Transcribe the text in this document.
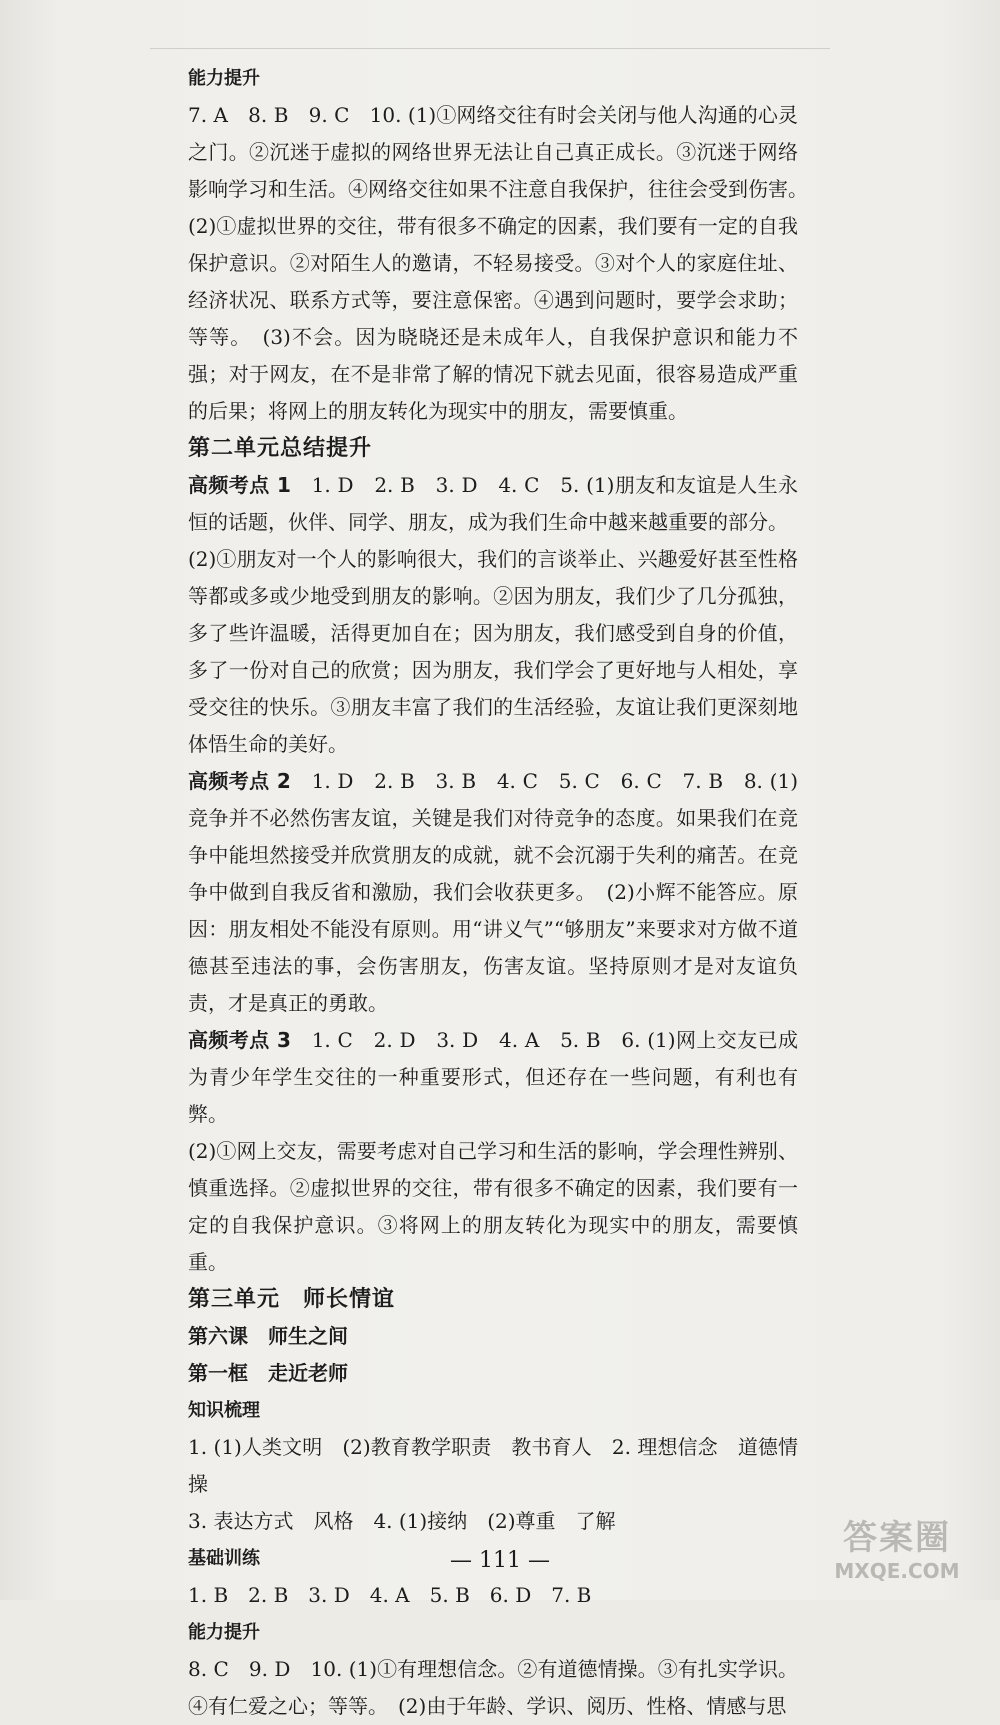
能力提升

7. A　8. B　9. C　10. (1)①网络交往有时会关闭与他人沟通的心灵之门。②沉迷于虚拟的网络世界无法让自己真正成长。③沉迷于网络影响学习和生活。④网络交往如果不注意自我保护，往往会受到伤害。　(2)①虚拟世界的交往，带有很多不确定的因素，我们要有一定的自我保护意识。②对陌生人的邀请，不轻易接受。③对个人的家庭住址、经济状况、联系方式等，要注意保密。④遇到问题时，要学会求助；等等。　(3)不会。因为晓晓还是未成年人，自我保护意识和能力不强；对于网友，在不是非常了解的情况下就去见面，很容易造成严重的后果；将网上的朋友转化为现实中的朋友，需要慎重。

第二单元总结提升

高频考点 1　1. D　2. B　3. D　4. C　5. (1)朋友和友谊是人生永恒的话题，伙伴、同学、朋友，成为我们生命中越来越重要的部分。

(2)①朋友对一个人的影响很大，我们的言谈举止、兴趣爱好甚至性格等都或多或少地受到朋友的影响。②因为朋友，我们少了几分孤独，多了些许温暖，活得更加自在；因为朋友，我们感受到自身的价值，多了一份对自己的欣赏；因为朋友，我们学会了更好地与人相处，享受交往的快乐。③朋友丰富了我们的生活经验，友谊让我们更深刻地体悟生命的美好。

高频考点 2　1. D　2. B　3. B　4. C　5. C　6. C　7. B　8. (1)竞争并不必然伤害友谊，关键是我们对待竞争的态度。如果我们在竞争中能坦然接受并欣赏朋友的成就，就不会沉溺于失利的痛苦。在竞争中做到自我反省和激励，我们会收获更多。　(2)小辉不能答应。原因：朋友相处不能没有原则。用“讲义气”“够朋友”来要求对方做不道德甚至违法的事，会伤害朋友，伤害友谊。坚持原则才是对友谊负责，才是真正的勇敢。

高频考点 3　1. C　2. D　3. D　4. A　5. B　6. (1)网上交友已成为青少年学生交往的一种重要形式，但还存在一些问题，有利也有弊。

(2)①网上交友，需要考虑对自己学习和生活的影响，学会理性辨别、慎重选择。②虚拟世界的交往，带有很多不确定的因素，我们要有一定的自我保护意识。③将网上的朋友转化为现实中的朋友，需要慎重。

第三单元　师长情谊

第六课　师生之间

第一框　走近老师

知识梳理

1. (1)人类文明　(2)教育教学职责　教书育人　2. 理想信念　道德情操

3. 表达方式　风格　4. (1)接纳　(2)尊重　了解

基础训练

1. B　2. B　3. D　4. A　5. B　6. D　7. B

能力提升

8. C　9. D　10. (1)①有理想信念。②有道德情操。③有扎实学识。④有仁爱之心；等等。　(2)由于年龄、学识、阅历、性格、情感与思

— 111 —
答案圈
MXQE.COM
